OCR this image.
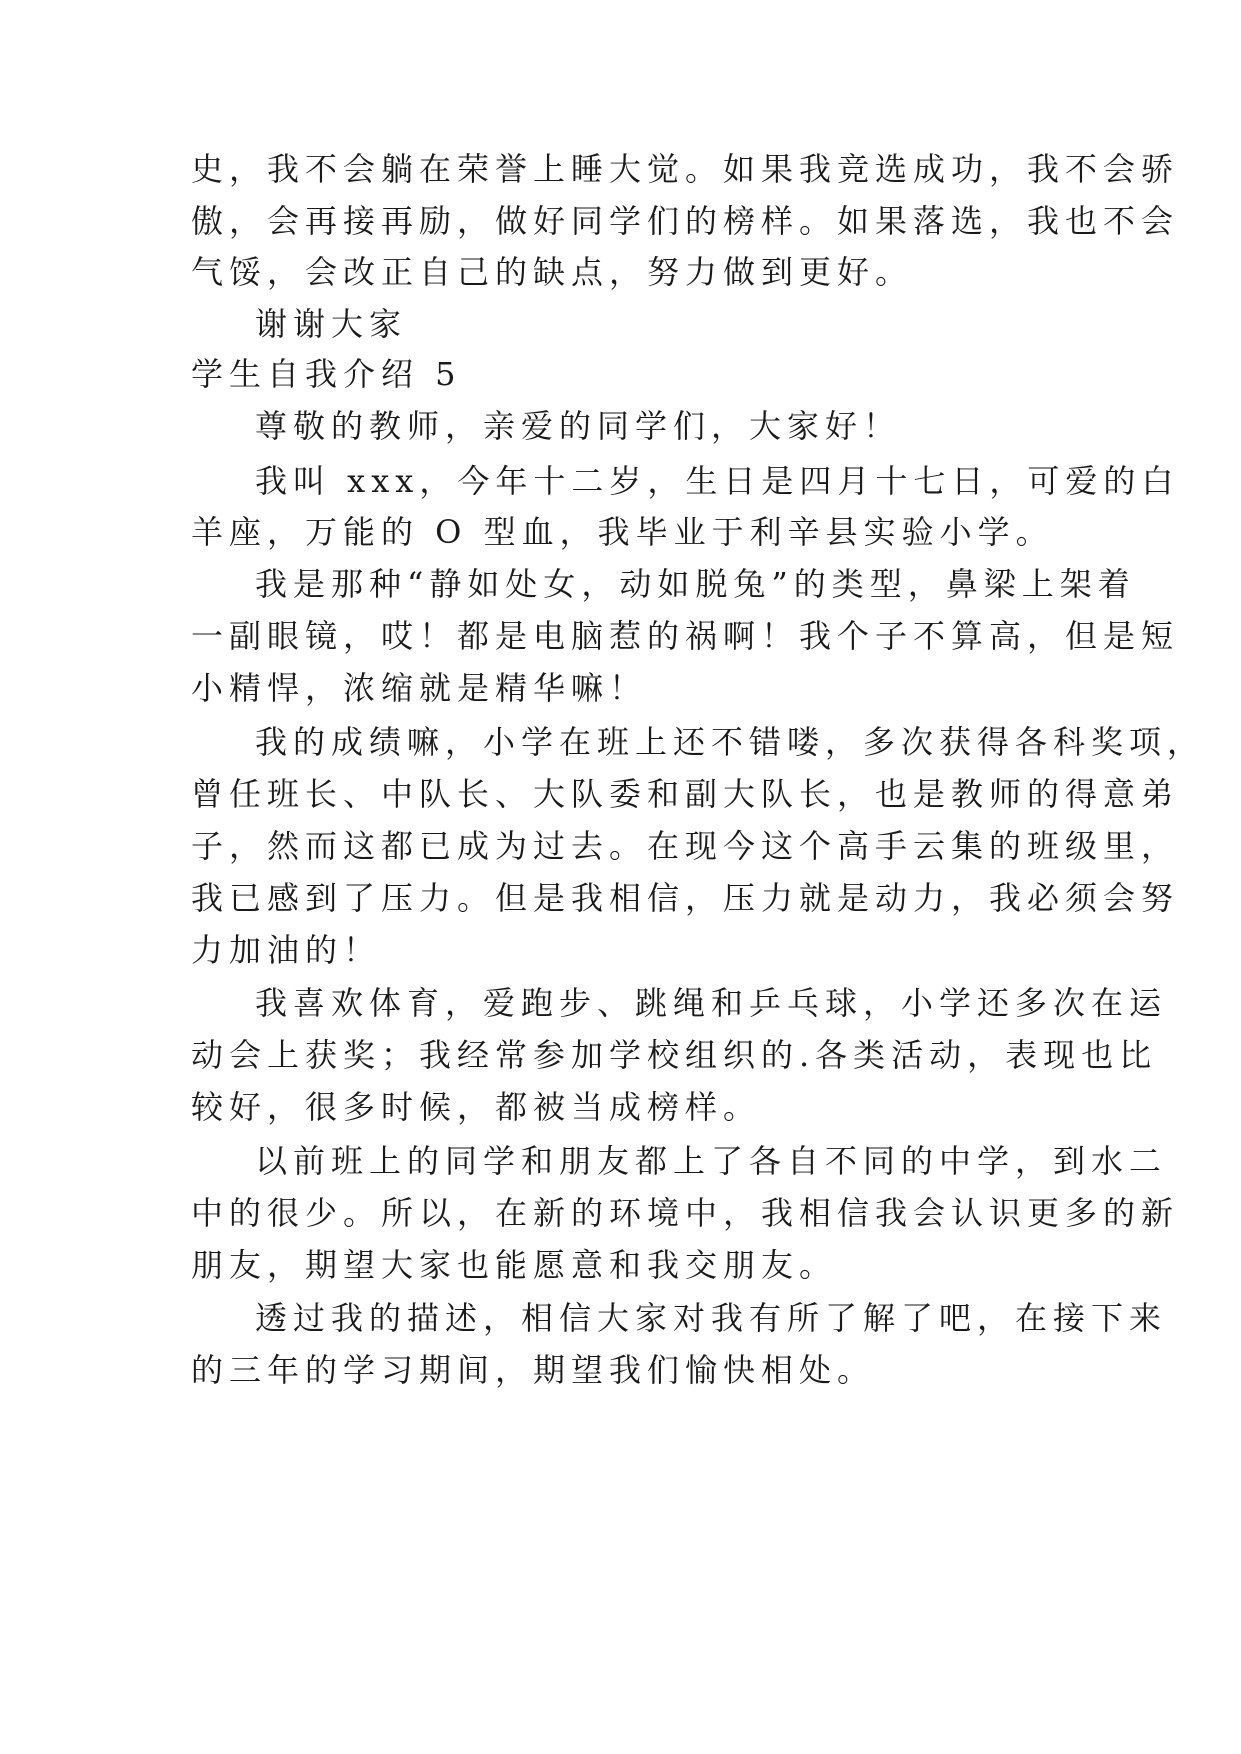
史，我不会躺在荣誉上睡大觉。如果我竞选成功，我不会骄
傲，会再接再励，做好同学们的榜样。如果落选，我也不会
气馁，会改正自己的缺点，努力做到更好。
谢谢大家
学生自我介绍 5
尊敬的教师，亲爱的同学们，大家好！
我叫 xxx，今年十二岁，生日是四月十七日，可爱的白
羊座，万能的 O 型血，我毕业于利辛县实验小学。
我是那种“静如处女，动如脱兔”的类型，鼻梁上架着
一副眼镜，哎！都是电脑惹的祸啊！我个子不算高，但是短
小精悍，浓缩就是精华嘛！
我的成绩嘛，小学在班上还不错喽，多次获得各科奖项，
曾任班长、中队长、大队委和副大队长，也是教师的得意弟
子，然而这都已成为过去。在现今这个高手云集的班级里，
我已感到了压力。但是我相信，压力就是动力，我必须会努
力加油的！
我喜欢体育，爱跑步、跳绳和乒乓球，小学还多次在运
动会上获奖；我经常参加学校组织的.各类活动，表现也比
较好，很多时候，都被当成榜样。
以前班上的同学和朋友都上了各自不同的中学，到水二
中的很少。所以，在新的环境中，我相信我会认识更多的新
朋友，期望大家也能愿意和我交朋友。
透过我的描述，相信大家对我有所了解了吧，在接下来
的三年的学习期间，期望我们愉快相处。
